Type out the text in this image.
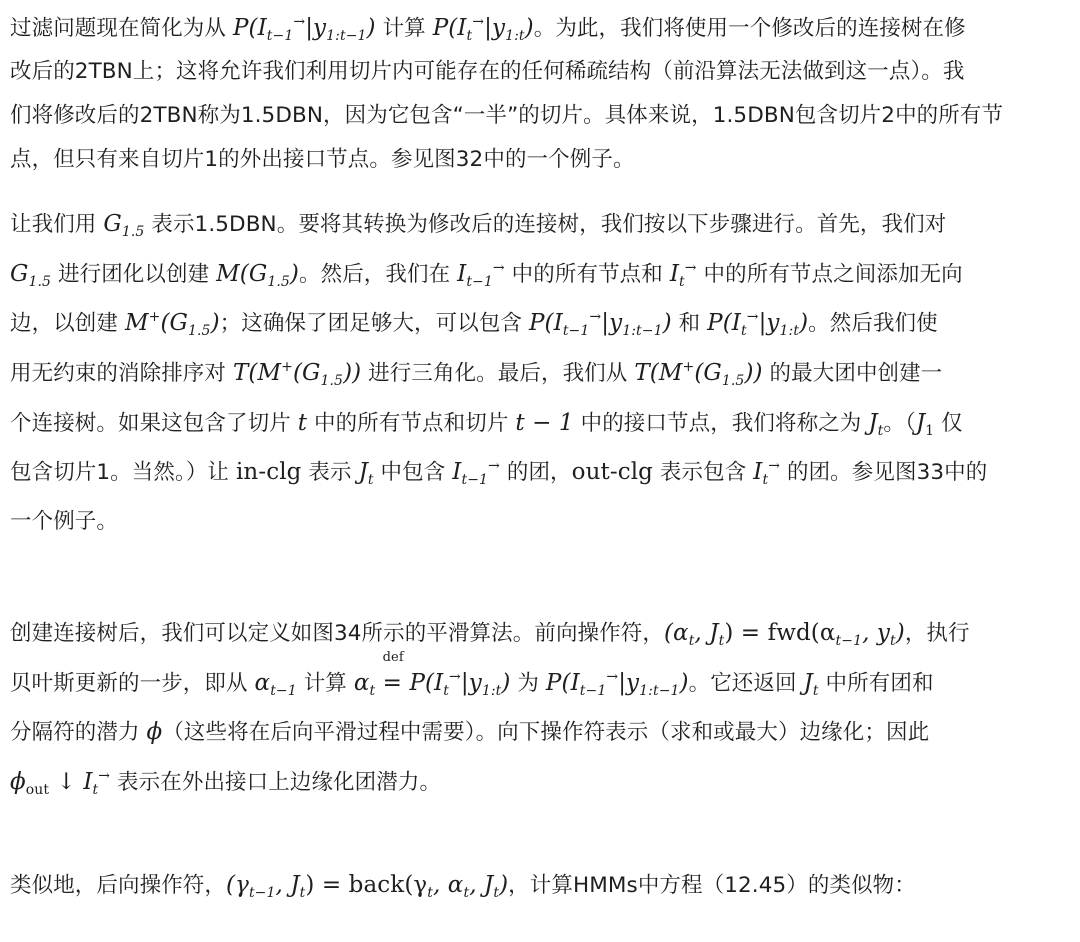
过滤问题现在简化为从 $P(I_{t-1}^\to|y_{1:t-1})$ 计算 $P(I_t^\to|y_{1:t})$。为此，我们将使用一个修改后的连接树在修
改后的2TBN上；这将允许我们利用切片内可能存在的任何稀疏结构（前沿算法无法做到这一点）。我
们将修改后的2TBN称为1.5DBN，因为它包含“一半”的切片。具体来说，1.5DBN包含切片2中的所有节
点，但只有来自切片1的外出接口节点。参见图32中的一个例子。
让我们用 $G_{1.5}$ 表示1.5DBN。要将其转换为修改后的连接树，我们按以下步骤进行。首先，我们对
$G_{1.5}$ 进行团化以创建 $M(G_{1.5})$。然后，我们在 $I_{t-1}^\to$ 中的所有节点和 $I_t^\to$ 中的所有节点之间添加无向
边，以创建 $M^+(G_{1.5})$；这确保了团足够大，可以包含 $P(I_{t-1}^\to|y_{1:t-1})$ 和 $P(I_t^\to|y_{1:t})$。然后我们使
用无约束的消除排序对 $T(M^+(G_{1.5}))$ 进行三角化。最后，我们从 $T(M^+(G_{1.5}))$ 的最大团中创建一
个连接树。如果这包含了切片 t 中的所有节点和切片 t − 1 中的接口节点，我们将称之为 $J_t$。（$J_1$ 仅
包含切片1。当然。）让 in-clg 表示 $J_t$ 中包含 $I_{t-1}^\to$ 的团，out-clg 表示包含 $I_t^\to$ 的团。参见图33中的
一个例子。
创建连接树后，我们可以定义如图34所示的平滑算法。前向操作符，($\alpha_t$, $J_t) = fwd(\alpha_{t-1}$, $y_t$)，执行
贝叶斯更新的一步，即从 $\alpha_{t-1}$ 计算 $\alpha_t$
def
= $P(I_t^\to|y_{1:t})$ 为 $P(I_{t-1}^\to|y_{1:t-1})$。它还返回 $J_t$ 中所有团和
分隔符的潜力 ϕ（这些将在后向平滑过程中需要）。向下操作符表示（求和或最大）边缘化；因此
$\phi_{out}$ ↓ $I_t^\to$ 表示在外出接口上边缘化团潜力。
类似地，后向操作符，($\gamma_{t-1}$, $J_t$) = $back(\gamma_t$, $\alpha_t$, $J_t$)，计算HMMs中方程（12.45）的类似物：
